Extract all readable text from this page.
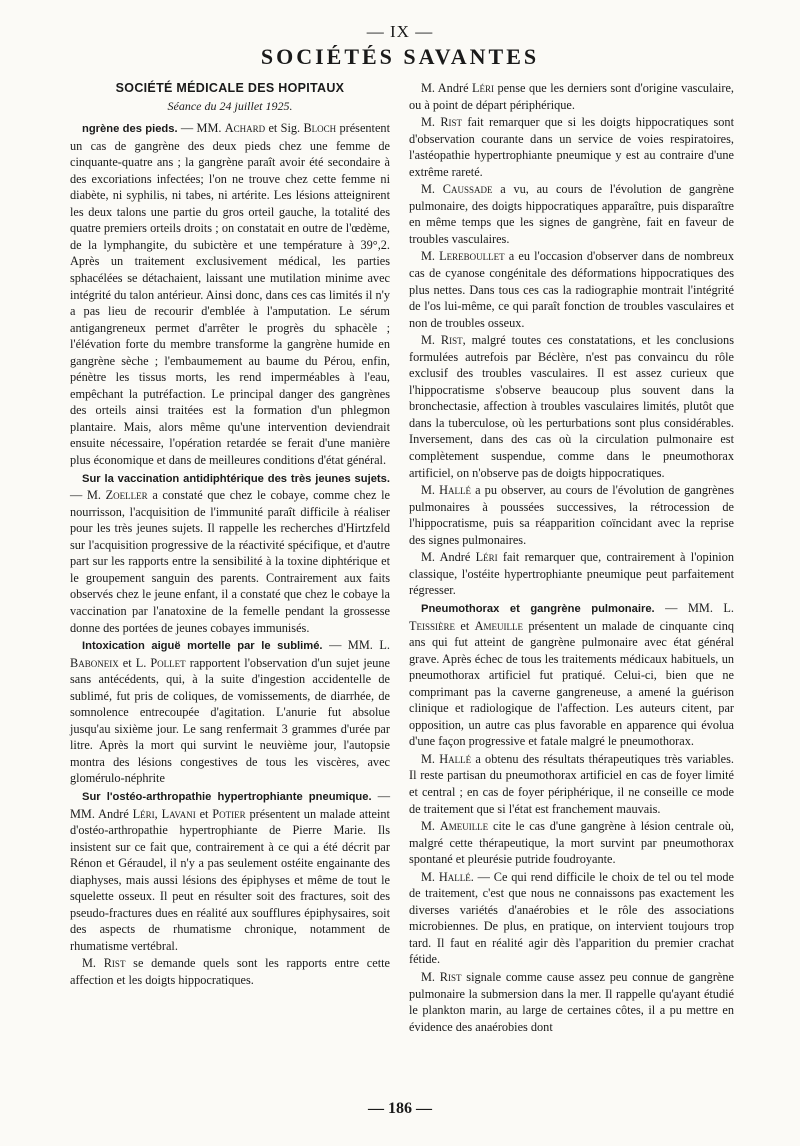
— IX —
SOCIÉTÉS SAVANTES
SOCIÉTÉ MÉDICALE DES HOPITAUX
Séance du 24 juillet 1925.

ngrène des pieds. — MM. Achard et Sig. Bloch présentent un cas de gangrène des deux pieds chez une femme de cinquante-quatre ans ; la gangrène paraît avoir été secondaire à des excoriations infectées; l'on ne trouve chez cette femme ni diabète, ni syphilis, ni tabes, ni artérite. Les lésions atteignirent les deux talons une partie du gros orteil gauche, la totalité des quatre premiers orteils droits ; on constatait en outre de l'œdème, de la lymphangite, du subictère et une température à 39°,2. Après un traitement exclusivement médical, les parties sphacélées se détachaient, laissant une mutilation minime avec intégrité du talon antérieur. Ainsi donc, dans ces cas limités il n'y a pas lieu de recourir d'emblée à l'amputation. Le sérum antigangreneux permet d'arrêter le progrès du sphacèle ; l'élévation forte du membre transforme la gangrène humide en gangrène sèche ; l'embaumement au baume du Pérou, enfin, pénètre les tissus morts, les rend imperméables à l'eau, empêchant la putréfaction. Le principal danger des gangrènes des orteils ainsi traitées est la formation d'un phlegmon plantaire. Mais, alors même qu'une intervention deviendrait ensuite nécessaire, l'opération retardée se ferait d'une manière plus économique et dans de meilleures conditions d'état général.

Sur la vaccination antidiphtérique des très jeunes sujets. — M. Zoeller a constaté que chez le cobaye, comme chez le nourrisson, l'acquisition de l'immunité paraît difficile à réaliser pour les très jeunes sujets. Il rappelle les recherches d'Hirtzfeld sur l'acquisition progressive de la réactivité spécifique, et d'autre part sur les rapports entre la sensibilité à la toxine diphtérique et le groupement sanguin des parents. Contrairement aux faits observés chez le jeune enfant, il a constaté que chez le cobaye la vaccination par l'anatoxine de la femelle pendant la grossesse donne des portées de jeunes cobayes immunisés.

Intoxication aiguë mortelle par le sublimé. — MM. L. Baboneix et L. Pollet rapportent l'observation d'un sujet jeune sans antécédents, qui, à la suite d'ingestion accidentelle de sublimé, fut pris de coliques, de vomissements, de diarrhée, de somnolence entrecoupée d'agitation. L'anurie fut absolue jusqu'au sixième jour. Le sang renfermait 3 grammes d'urée par litre. Après la mort qui survint le neuvième jour, l'autopsie montra des lésions congestives de tous les viscères, avec glomérulo-néphrite

Sur l'ostéo-arthropathie hypertrophiante pneumique. — MM. André Léri, Lavani et Potier présentent un malade atteint d'ostéo-arthropathie hypertrophiante de Pierre Marie. Ils insistent sur ce fait que, contrairement à ce qui a été décrit par Rénon et Géraudel, il n'y a pas seulement ostéite engainante des diaphyses, mais aussi lésions des épiphyses et même de tout le squelette osseux. Il peut en résulter soit des fractures, soit des pseudo-fractures dues en réalité aux soufflures épiphysaires, soit des aspects de rhumatisme chronique, notamment de rhumatisme vertébral.

M. Rist se demande quels sont les rapports entre cette affection et les doigts hippocratiques.

M. André Léri pense que les derniers sont d'origine vasculaire, ou à point de départ périphérique.

M. Rist fait remarquer que si les doigts hippocratiques sont d'observation courante dans un service de voies respiratoires, l'astéopathie hypertrophiante pneumique y est au contraire d'une extrême rareté.

M. Caussade a vu, au cours de l'évolution de gangrène pulmonaire, des doigts hippocratiques apparaître, puis disparaître en même temps que les signes de gangrène, fait en faveur de troubles vasculaires.

M. Lereboullet a eu l'occasion d'observer dans de nombreux cas de cyanose congénitale des déformations hippocratiques des plus nettes. Dans tous ces cas la radiographie montrait l'intégrité de l'os lui-même, ce qui paraît fonction de troubles vasculaires et non de troubles osseux.

M. Rist, malgré toutes ces constatations, et les conclusions formulées autrefois par Béclère, n'est pas convaincu du rôle exclusif des troubles vasculaires. Il est assez curieux que l'hippocratisme s'observe beaucoup plus souvent dans la bronchectasie, affection à troubles vasculaires limités, plutôt que dans la tuberculose, où les perturbations sont plus considérables. Inversement, dans des cas où la circulation pulmonaire est complètement suspendue, comme dans le pneumothorax artificiel, on n'observe pas de doigts hippocratiques.

M. Hallé a pu observer, au cours de l'évolution de gangrènes pulmonaires à poussées successives, la rétrocession de l'hippocratisme, puis sa réapparition coïncidant avec la reprise des signes pulmonaires.

M. André Léri fait remarquer que, contrairement à l'opinion classique, l'ostéite hypertrophiante pneumique peut parfaitement régresser.

Pneumothorax et gangrène pulmonaire. — MM. L. Teissière et Ameuille présentent un malade de cinquante cinq ans qui fut atteint de gangrène pulmonaire avec état général grave. Après échec de tous les traitements médicaux habituels, un pneumothorax artificiel fut pratiqué. Celui-ci, bien que ne comprimant pas la caverne gangreneuse, a amené la guérison clinique et radiologique de l'affection. Les auteurs citent, par opposition, un autre cas plus favorable en apparence qui évolua d'une façon progressive et fatale malgré le pneumothorax.

M. Hallé a obtenu des résultats thérapeutiques très variables. Il reste partisan du pneumothorax artificiel en cas de foyer limité et central ; en cas de foyer périphérique, il ne conseille ce mode de traitement que si l'état est franchement mauvais.

M. Ameuille cite le cas d'une gangrène à lésion centrale où, malgré cette thérapeutique, la mort survint par pneumothorax spontané et pleurésie putride foudroyante.

M. Hallé. — Ce qui rend difficile le choix de tel ou tel mode de traitement, c'est que nous ne connaissons pas exactement les diverses variétés d'anaérobies et le rôle des associations microbiennes. De plus, en pratique, on intervient toujours trop tard. Il faut en réalité agir dès l'apparition du premier crachat fétide.

M. Rist signale comme cause assez peu connue de gangrène pulmonaire la submersion dans la mer. Il rappelle qu'ayant étudié le plankton marin, au large de certaines côtes, il a pu mettre en évidence des anaérobies dont

— 186 —
